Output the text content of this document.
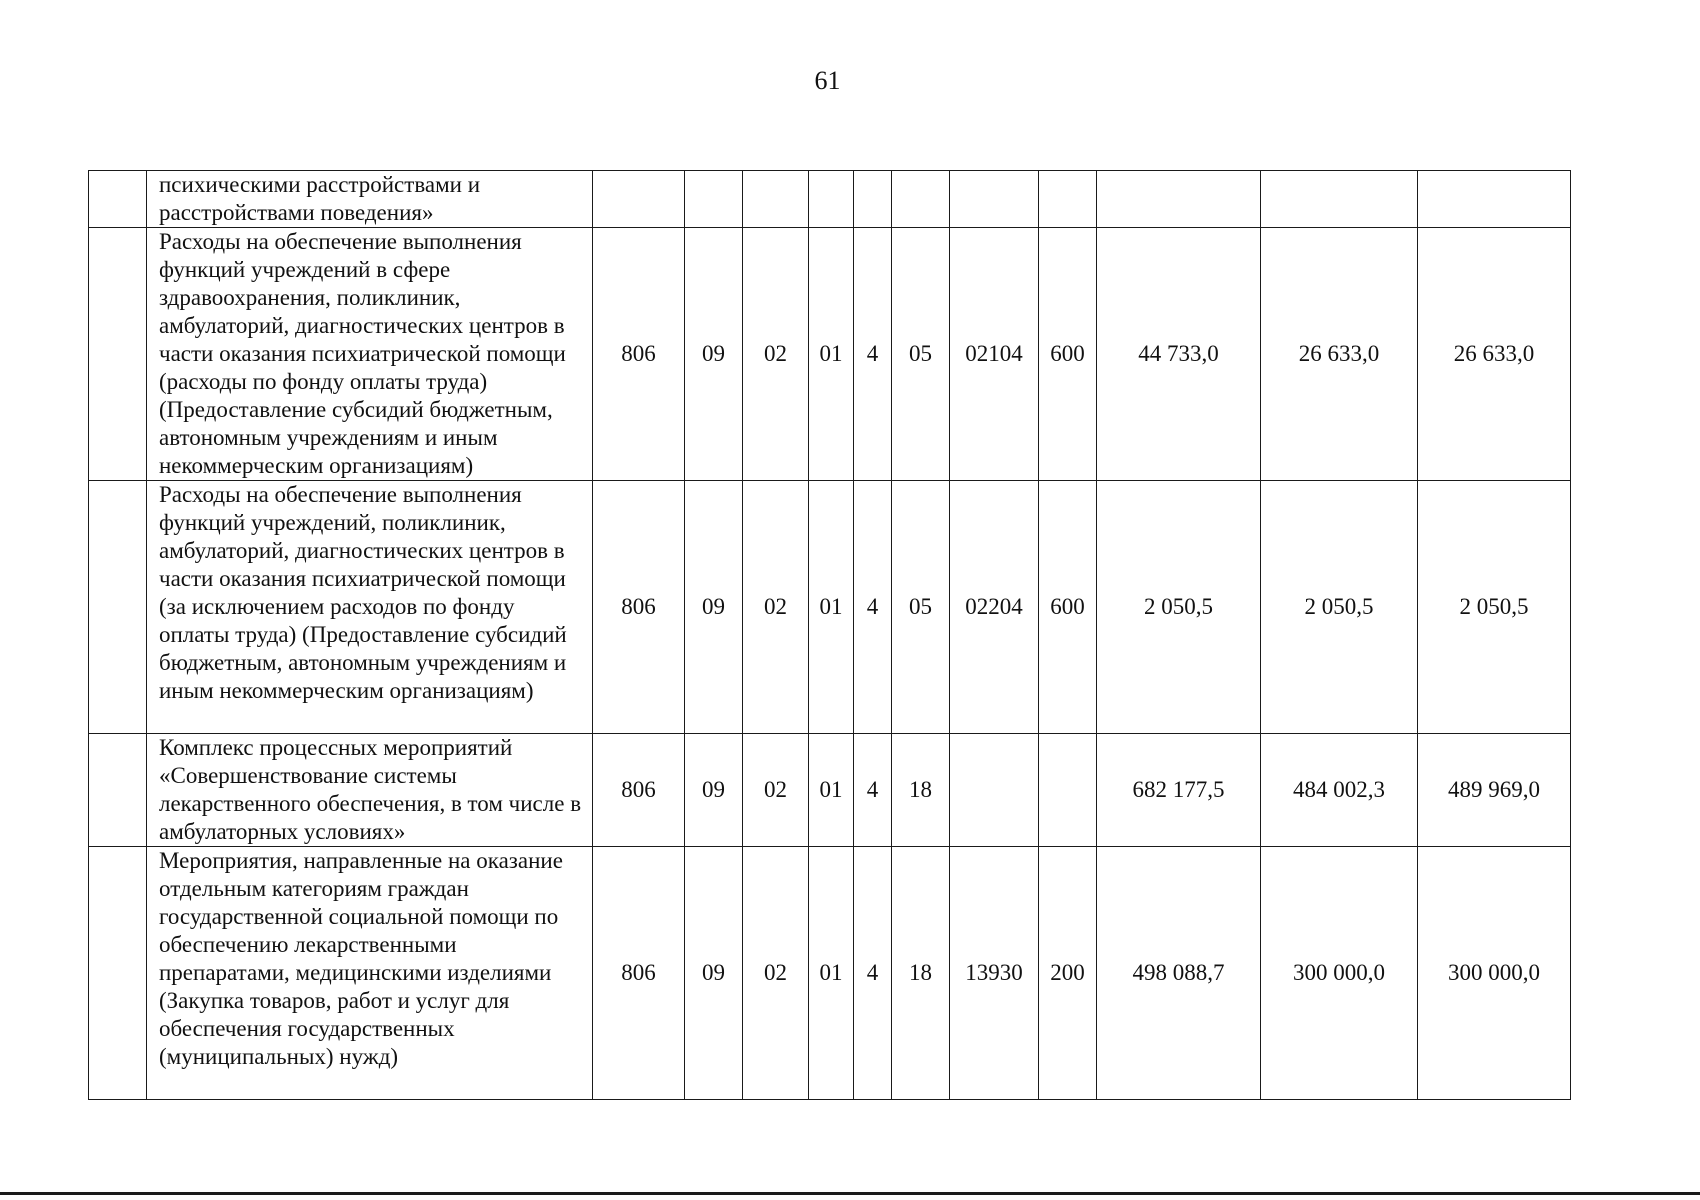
61
	психическими расстройствами и расстройствами поведения»											
	Расходы на обеспечение выполнения функций учреждений в сфере здравоохранения, поликлиник, амбулаторий, диагностических центров в части оказания психиатрической помощи (расходы по фонду оплаты труда) (Предоставление субсидий бюджетным, автономным учреждениям и иным некоммерческим организациям)	806	09	02	01	4	05	02104	600	44 733,0	26 633,0	26 633,0
	Расходы на обеспечение выполнения функций учреждений, поликлиник, амбулаторий, диагностических центров в части оказания психиатрической помощи (за исключением расходов по фонду оплаты труда) (Предоставление субсидий бюджетным, автономным учреждениям и иным некоммерческим организациям)	806	09	02	01	4	05	02204	600	2 050,5	2 050,5	2 050,5
	Комплекс процессных мероприятий «Совершенствование системы лекарственного обеспечения, в том числе в амбулаторных условиях»	806	09	02	01	4	18			682 177,5	484 002,3	489 969,0
	Мероприятия, направленные на оказание отдельным категориям граждан государственной социальной помощи по обеспечению лекарственными препаратами, медицинскими изделиями (Закупка товаров, работ и услуг для обеспечения государственных (муниципальных) нужд)	806	09	02	01	4	18	13930	200	498 088,7	300 000,0	300 000,0
